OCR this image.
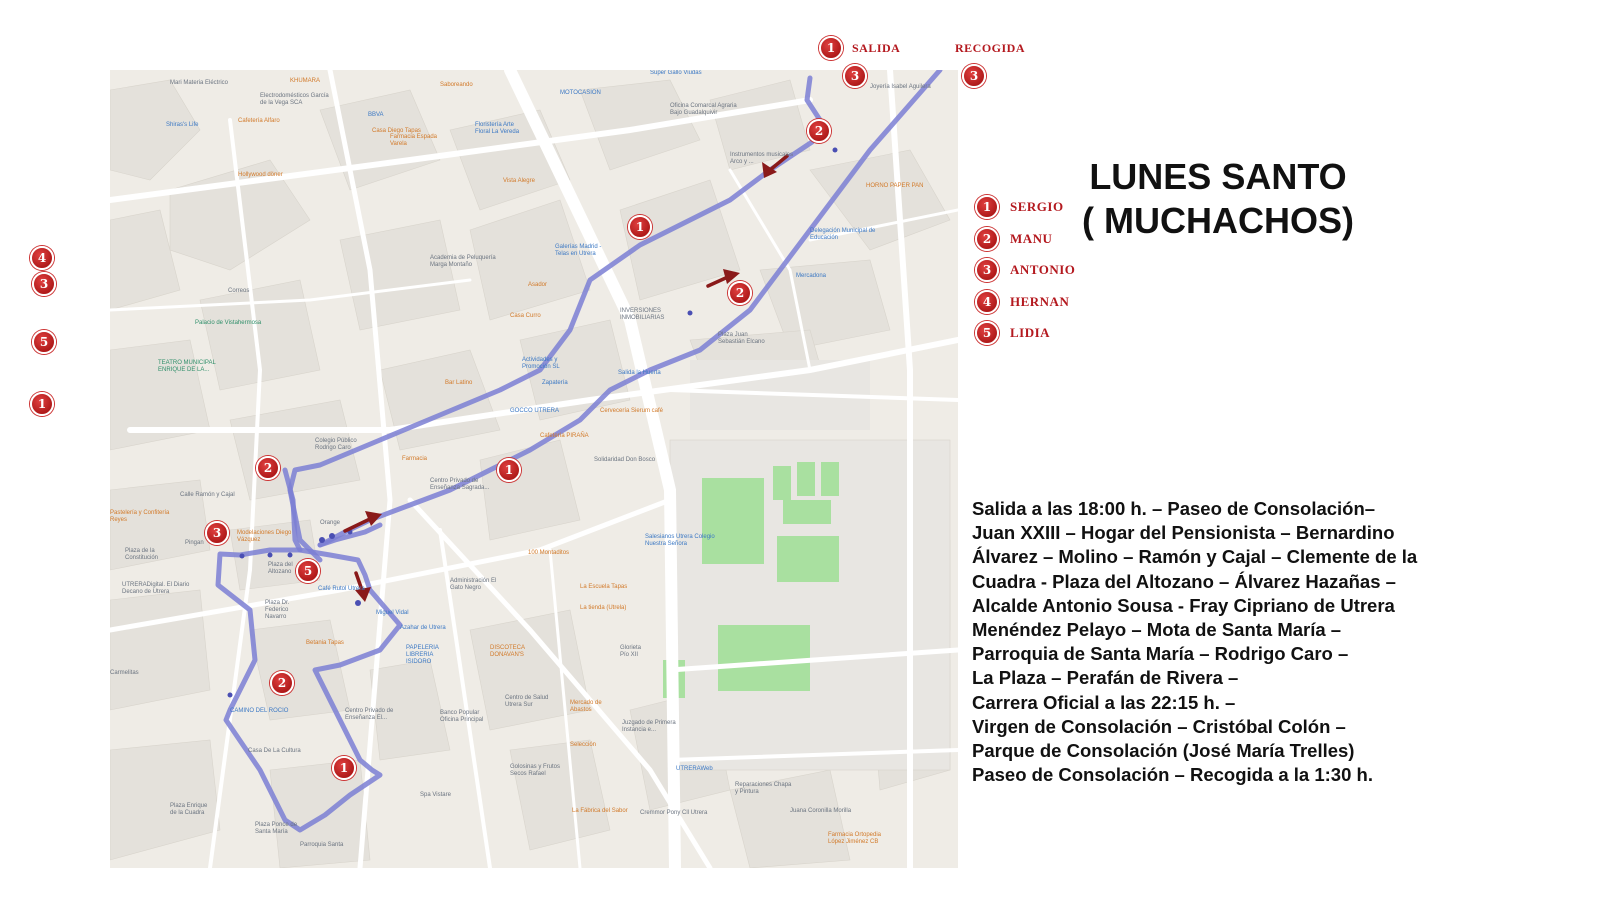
Mari Materia Eléctrico
Electrodomésticos García de la Vega SCA
KHUMARA
Saboreando
MOTOCASION
Super Gallo Viudas
Oficina Comarcal Agraria Bajo Guadalquivir
Joyería Isabel Aguilera
Floristería Arte Floral La Vereda
Instrumentos musicales Arco y ...
HORNO PAPER PAN
Shiras's Life
Cafetería Alfaro
BBVA
Casa Diego Tapas
Hollywood döner
Farmacia Espada Varela
Vista Alegre
Delegación Municipal de Educación
Galerías Madrid - Telas en Utrera
Academia de Peluquería Marga Montaño
Asador
Mercadona
Correos
Palacio de Vistahermosa
Casa Curro
INVERSIONES INMOBILIARIAS
Plaza Juan Sebastián Elcano
TEATRO MUNICIPAL ENRIQUE DE LA...
Actividades y Promoción SL
Salida la Huerta
Bar Latino	Zapatería
GOCCO UTRERA	Cervecería Sierum café
Cafetería PIRAÑA
Colegio Público Rodrigo Caro
Farmacia
Centro Privado de Enseñanza Sagrada...
Solidaridad Don Bosco
Pastelería y Confitería Reyes	Orange
Salesianos Utrera Colegio Nuestra Señora
Modelaciones Diego Vázquez
Pingan
Plaza de la Constitución
100 Montaditos
Plaza del Altozano
Café Rutol Utrera
Administración El Gato Negro	La Escuela Tapas
UTRERADigital. El Diario Decano de Utrera
Miguel Vidal
La tienda (Utrela)
Plaza Dr. Federico Navarro
Azahar de Utrera
Betania Tapas
Glorieta Pío XII
PAPELERIA LIBRERIA ISIDORO
DISCOTECA DONAVAN'S
Carmelitas
Centro de Salud Utrera Sur	Mercado de Abastos
CAMINO DEL ROCIO	Centro Privado de Enseñanza El...
Banco Popular Oficina Principal	Juzgado de Primera Instancia e...
Casa De La Cultura
Selección
UTRERAWeb
Golosinas y Frutos Secos Rafael
Reparaciones Chapa y Pintura
Spa Vistare
Plaza Enrique de la Cuadra	La Fábrica del Sabor Cremmor Pony Cll Utrera	Juana Coronilla Morilla
Plaza Ponce de Santa María	Farmacia Ortopedia López Jiménez CB
Parroquia Santa
Calle Ramón y Cajal
2
1
2
2	1
3
5
2
1
1	SALIDA	RECOGIDA
3	3
4
3
5
1
LUNES SANTO
( MUCHACHOS)
1	SERGIO
2	MANU
3	ANTONIO
4	HERNAN
5	LIDIA
Salida a las 18:00 h. – Paseo de Consolación–
Juan XXIII – Hogar del Pensionista – Bernardino
Álvarez – Molino – Ramón y Cajal – Clemente de la
Cuadra - Plaza del Altozano – Álvarez Hazañas –
Alcalde Antonio Sousa - Fray Cipriano de Utrera
Menéndez Pelayo – Mota de Santa María –
Parroquia de Santa María – Rodrigo Caro –
La Plaza – Perafán de Rivera –
Carrera Oficial a las 22:15 h. –
Virgen de Consolación – Cristóbal Colón –
Parque de Consolación (José María Trelles)
Paseo de Consolación – Recogida a la 1:30 h.
